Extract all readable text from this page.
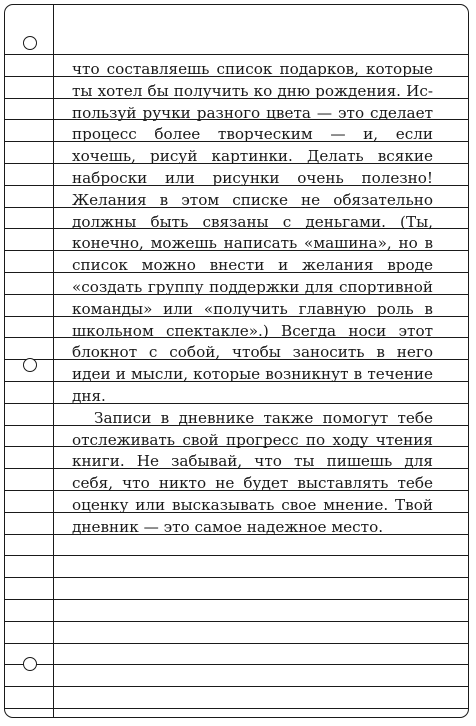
что составляешь список подарков, которые ты хотел бы получить ко дню рождения. Используй ручки разного цвета — это сделает процесс более творческим — и, если хочешь, рисуй картинки. Делать всякие наброски или рисунки очень полезно! Желания в этом списке не обязательно должны быть связаны с деньгами. (Ты, конечно, можешь написать «машина», но в список можно внести и желания вроде «создать группу поддержки для спортивной команды» или «получить главную роль в школьном спектакле».) Всегда носи этот блокнот с собой, чтобы заносить в него идеи и мысли, которые возникнут в течение дня.

Записи в дневнике также помогут тебе отслеживать свой прогресс по ходу чтения книги. Не забывай, что ты пишешь для себя, что никто не будет выставлять тебе оценку или высказывать свое мнение. Твой дневник — это самое надежное место.
